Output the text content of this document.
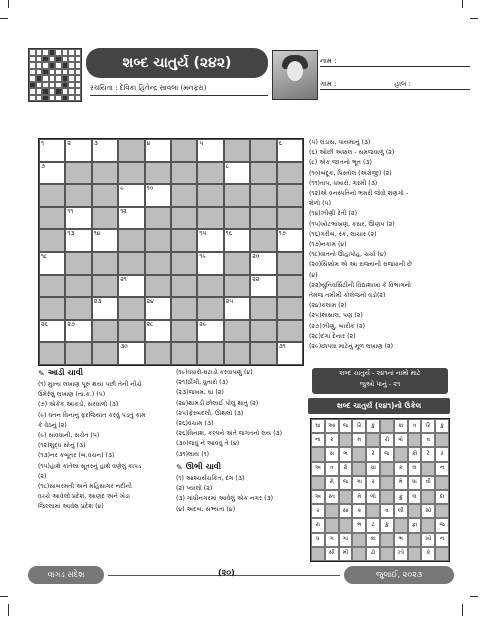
શબ્દ ચાતુર્ય (૨૪૨)
રચયિતા : દેવિકા હિતેન્દ્ર સાવલા (મનફરા)
નામ :
ગામ :	હાલ :
૧	૨	૩	૪	૫	૬
૭	૮
૯	૧૦
૧૧	૧૨
૧૩	૧૪	૧૫	૧૬	૧૭
૧૮	૧૯	૨૦
૨૧	૨૨
૨૩	૨૪	૨૫
૨૬	૨૭	૨૮	૨૯
૩૦	૩૧
(૫) લંડાસ, પાયમાનું (૩)
(૬) ઓછી અક્કલ - સમજવાળું (૨)
(૮) એક જાતનો ભૂત (૩)
(૧૦)બંદૂક, પિસ્તોલ (અંગ્રેજી) (૨)
(૧૧)તાપ, ધખારો, ગરમી (૩)
(૧૨)એ વનસ્પતિનો ભમરી જેવો શણગો -
શેળો (૫)
(૧૪)ઝીણી રેતી (૨)
(૧૫)ખોટભાંખણ, કસર, ઊણપ (૨)
(૧૬)ગરીબ, રંક, લાચાર (૨)
(૧૭)નકામ (૪)
(૧૮)વાતનો ઊહાપોહ, ચર્ચા (૪)
(૨૦)સિક્કોમ એ આ રાજ્યની રાજધાની છે
(૪)
(૨૨)યુનિવર્સિટીની વિદ્યાશાખા કે વિભાગનો
તેમજ તમીમી કોલેજનો વડો(૨)
(૨૪)કલામ (૨)
(૨૫)શાસાલ, પણ (૨)
(૨૭)ઝીણું, બારીક (૨)
(૨૮)દંગા દેનાર (૨)
(૨૯)છાપવા માટેનું મૂળ લખાણ (૨)
શબ્દ ચાતુર્ય - ૨૪૧નાં નામો માટે
જુઓ પાનું - ૨૧
શબ્દ ચાતુર્ય (૨૪૧)નો ઉકેલ
ઘા	આ	જ	રિ	કું	કા	ત	રિ	કું
ના	ર	મ	રો	ષો	વ
સ	ભ	રે	જ	કો	ટે	ર
અ	ત	રો	ચા	ક	લ	ન
રો	જ	ગા	ર	મે	ધા	વી
અ	સ્ત	મે	ળો	ફું	લ	દા
ર	સા	ક	વ	લી	સો
રા	ભ	ટ	કું	ફા	જ
ધ	ગ	ગા	કા	ભ	ખો	ન
સી	મી	ઢો	ઝો	કે
✎ આડી ચાવી
(૧) મુખ્ય લખાણ પૂરું થયા પછી તેની નીચે
ઉમેરેલું લખાણ (તા.ક.) (૫)
(૭) એકેક આંકડો, સરવાળો (૩)
(૯) વતન વિનાનું ફરજિયાત કરવું પડતું કામ
કે વેઠનું (૨)
(૯) સાવધાની, સચેત (૫)
(૧૨)શુદ્ધ સોનું (૩)
(૧૩)નર કબૂતર (બ.વચન) (૩)
(૧૫)હાથે કાંતેલા સૂતરનું હાથે વણેલું કાપડ
(૨)
(૧૮)સાબરમતી અને મહિસાગર નદીની
વચ્ચે આવેલો પ્રદેશ, આણંદ અને ખેડા
જિલ્લામાં આવેલ પ્રદેશ (૪)
(૧૯)વધારો-ઘટાડો કરવાપણું (૪)
(૨૧)ઠીંગી, ધુતારો (૩)
(૨૩)જખમ, ઘા (૨)
(૨૪)થામડી છોલાઈ પોલું થાતું (૨)
(૨૫)ફેરબદલી, ઊથલો (૩)
(૨૬)વંચામ (૩)
(૨૬)વિનાશ, કલ્પને અંતે જગતનો લય (૩)
(૩૦)જવું ને આવવું તે (૪)
(૩૧)લાય (૧)
✎ ઊભી ચાવી
(૧) આશ્ચર્યચકિત, દંગ (૩)
(૨) પ્યાલો (૨)
(૩) ગાંધીનગરમાં આવેલું એક નગર (૩)
(૪) અદબ, સભ્યતા (૪)
વાગડ સંદેશ	(૨૦)	જુલાઈ, ૨૦૨૩
